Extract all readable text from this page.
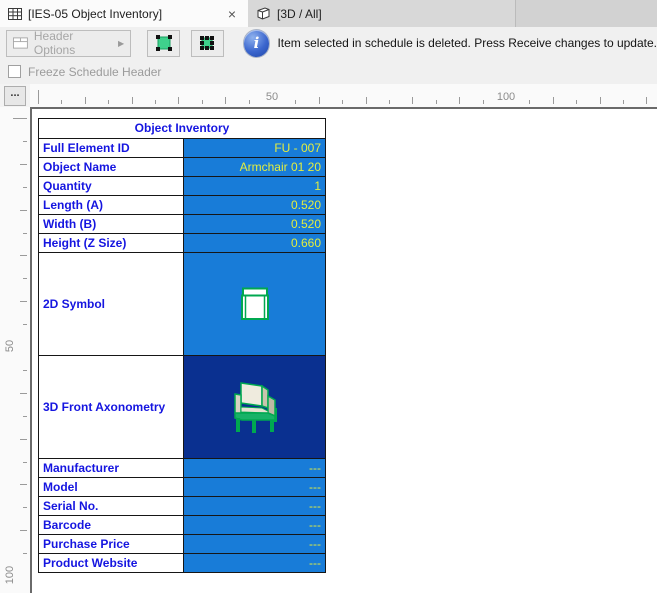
[IES-05 Object Inventory]	×	[3D / All]
Header Options	▶	i	Item selected in schedule is deleted. Press Receive changes to update.
Freeze Schedule Header
...	50	100
50
100
Object Inventory
Full Element ID	FU - 007
Object Name	Armchair 01 20
Quantity	1
Length (A)	0.520
Width (B)	0.520
Height (Z Size)	0.660
2D Symbol
3D Front Axonometry
Manufacturer	---
Model	---
Serial No.	---
Barcode	---
Purchase Price	---
Product Website	---
